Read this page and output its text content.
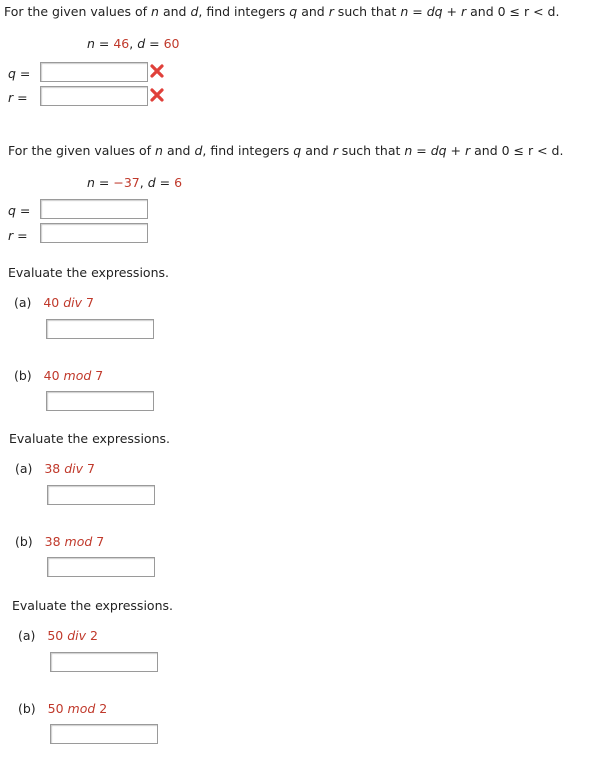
For the given values of n and d, find integers q and r such that n = dq + r and 0 ≤ r < d.
n = 46, d = 60
q =
r =
For the given values of n and d, find integers q and r such that n = dq + r and 0 ≤ r < d.
n = −37, d = 6
q =
r =
Evaluate the expressions.
(a) 40 div 7
(b) 40 mod 7
Evaluate the expressions.
(a) 38 div 7
(b) 38 mod 7
Evaluate the expressions.
(a) 50 div 2
(b) 50 mod 2
